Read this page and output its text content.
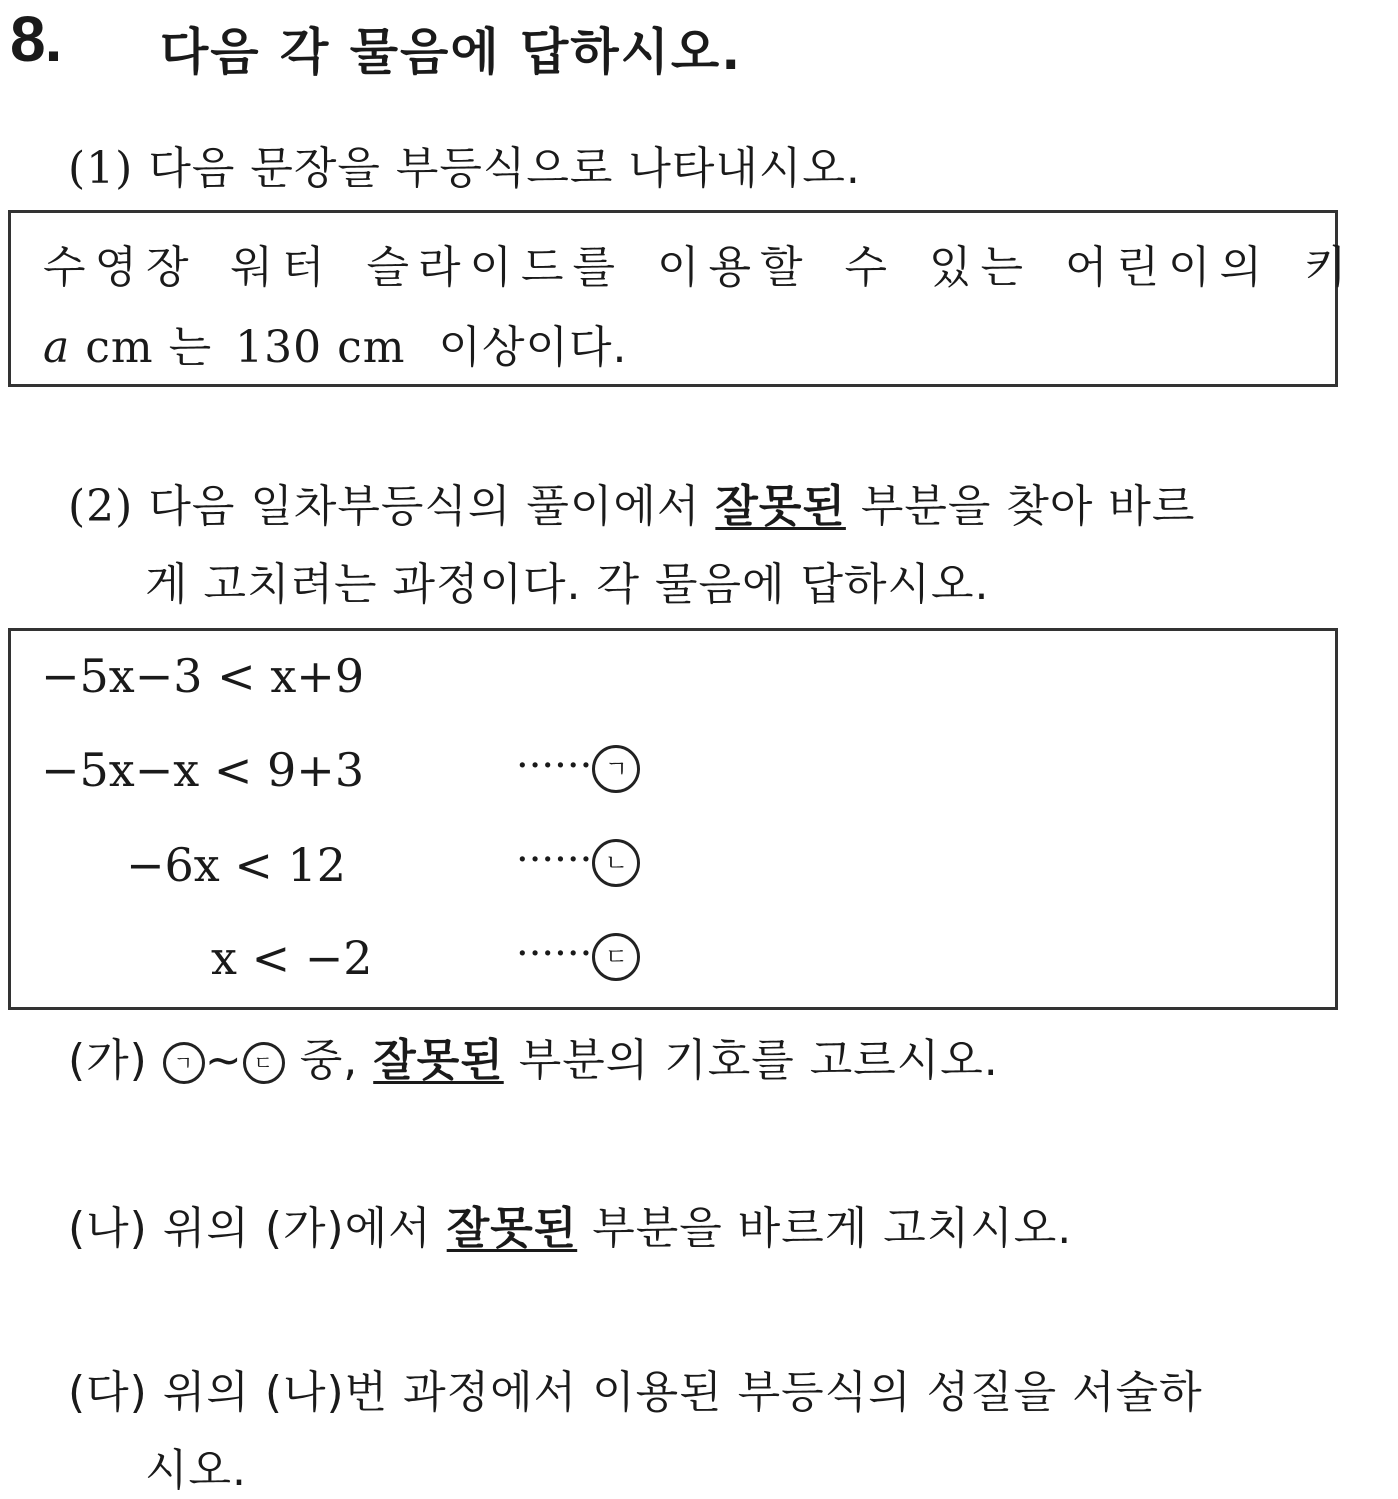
8. 다음 각 물음에 답하시오.
(1) 다음 문장을 부등식으로 나타내시오.
수영장 워터 슬라이드를 이용할 수 있는 어린이의 키
a cm 는 130 cm 이상이다.
(2) 다음 일차부등식의 풀이에서 잘못된 부분을 찾아 바르
게 고치려는 과정이다. 각 물음에 답하시오.
−5x−3 < x+9
−5x−x < 9+3	······ ㄱ
−6x < 12	······ ㄴ
x < −2	······ ㄷ
(가) ㄱ ~ ㄷ 중, 잘못된 부분의 기호를 고르시오.
(나) 위의 (가)에서 잘못된 부분을 바르게 고치시오.
(다) 위의 (나)번 과정에서 이용된 부등식의 성질을 서술하
시오.
